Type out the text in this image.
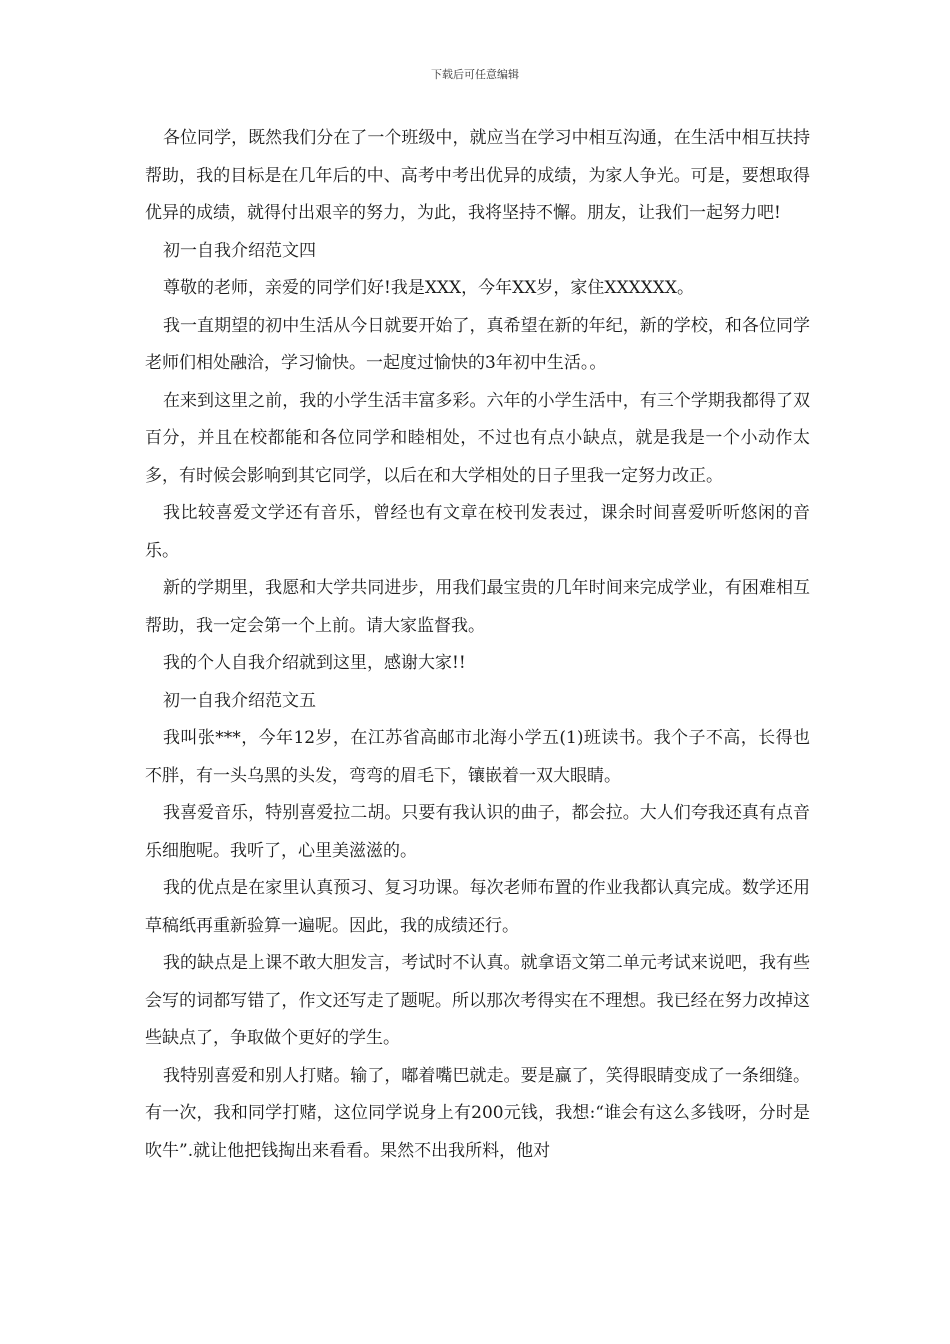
下载后可任意编辑

各位同学，既然我们分在了一个班级中，就应当在学习中相互沟通，在生活中相互扶持帮助，我的目标是在几年后的中、高考中考出优异的成绩，为家人争光。可是，要想取得优异的成绩，就得付出艰辛的努力，为此，我将坚持不懈。朋友，让我们一起努力吧!

初一自我介绍范文四

尊敬的老师，亲爱的同学们好!我是XXX，今年XX岁，家住XXXXXX。

我一直期望的初中生活从今日就要开始了，真希望在新的年纪，新的学校，和各位同学老师们相处融洽，学习愉快。一起度过愉快的3年初中生活。。

在来到这里之前，我的小学生活丰富多彩。六年的小学生活中，有三个学期我都得了双百分，并且在校都能和各位同学和睦相处，不过也有点小缺点，就是我是一个小动作太多，有时候会影响到其它同学，以后在和大学相处的日子里我一定努力改正。

我比较喜爱文学还有音乐，曾经也有文章在校刊发表过，课余时间喜爱听听悠闲的音乐。

新的学期里，我愿和大学共同进步，用我们最宝贵的几年时间来完成学业，有困难相互帮助，我一定会第一个上前。请大家监督我。

我的个人自我介绍就到这里，感谢大家!!

初一自我介绍范文五

我叫张***，今年12岁，在江苏省高邮市北海小学五(1)班读书。我个子不高，长得也不胖，有一头乌黑的头发，弯弯的眉毛下，镶嵌着一双大眼睛。

我喜爱音乐，特别喜爱拉二胡。只要有我认识的曲子，都会拉。大人们夸我还真有点音乐细胞呢。我听了，心里美滋滋的。

我的优点是在家里认真预习、复习功课。每次老师布置的作业我都认真完成。数学还用草稿纸再重新验算一遍呢。因此，我的成绩还行。

我的缺点是上课不敢大胆发言，考试时不认真。就拿语文第二单元考试来说吧，我有些会写的词都写错了，作文还写走了题呢。所以那次考得实在不理想。我已经在努力改掉这些缺点了，争取做个更好的学生。

我特别喜爱和别人打赌。输了，嘟着嘴巴就走。要是赢了，笑得眼睛变成了一条细缝。有一次，我和同学打赌，这位同学说身上有200元钱，我想:“谁会有这么多钱呀，分时是吹牛”.就让他把钱掏出来看看。果然不出我所料，他对
